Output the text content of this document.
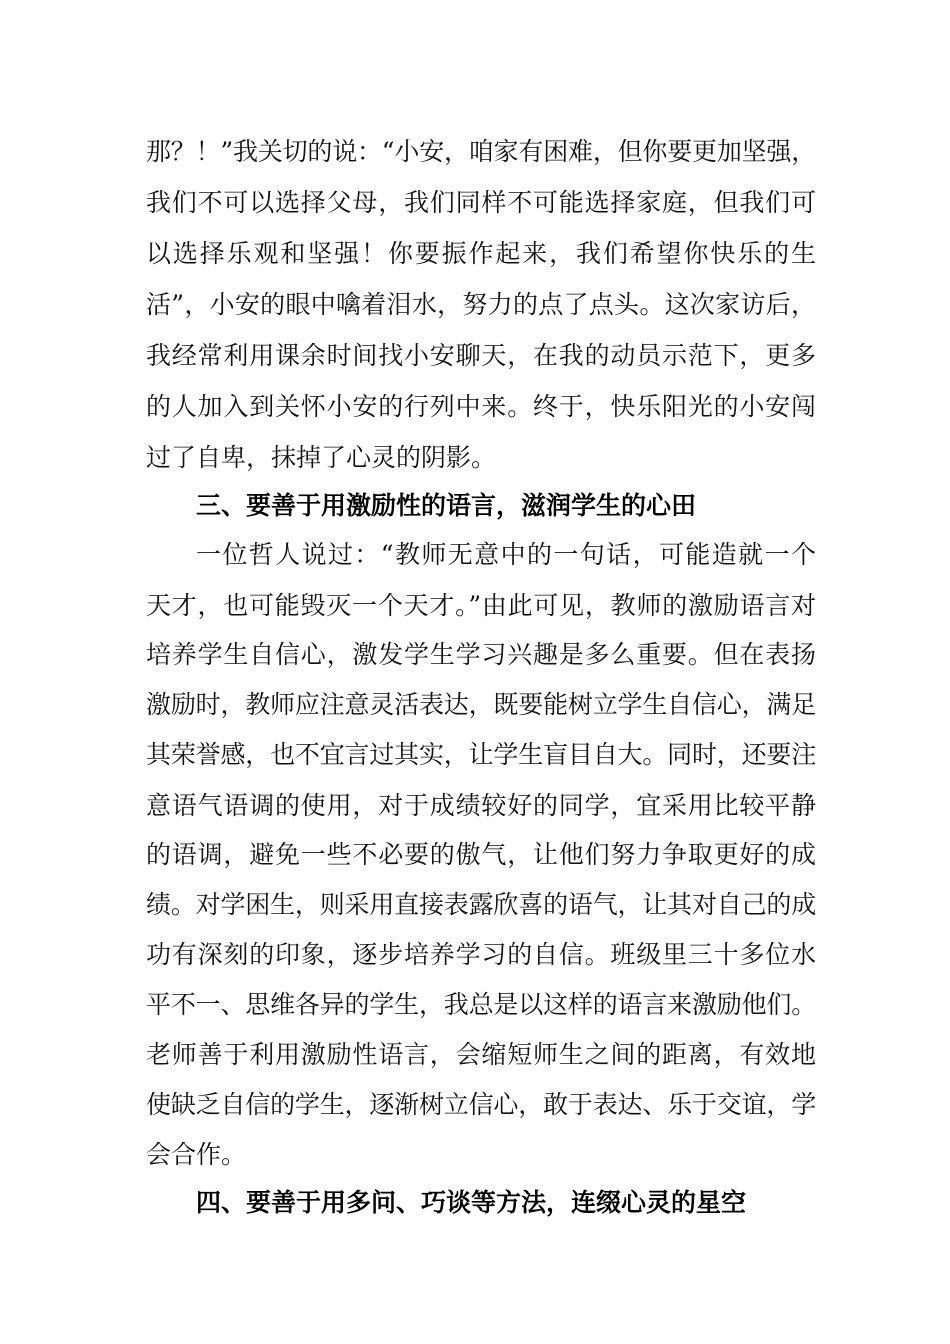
那？！”我关切的说：“小安，咱家有困难，但你要更加坚强，
我们不可以选择父母，我们同样不可能选择家庭，但我们可
以选择乐观和坚强！你要振作起来，我们希望你快乐的生
活”，小安的眼中噙着泪水，努力的点了点头。这次家访后，
我经常利用课余时间找小安聊天，在我的动员示范下，更多
的人加入到关怀小安的行列中来。终于，快乐阳光的小安闯
过了自卑，抹掉了心灵的阴影。
三、要善于用激励性的语言，滋润学生的心田
一位哲人说过：“教师无意中的一句话，可能造就一个
天才，也可能毁灭一个天才。”由此可见，教师的激励语言对
培养学生自信心，激发学生学习兴趣是多么重要。但在表扬
激励时，教师应注意灵活表达，既要能树立学生自信心，满足
其荣誉感，也不宜言过其实，让学生盲目自大。同时，还要注
意语气语调的使用，对于成绩较好的同学，宜采用比较平静
的语调，避免一些不必要的傲气，让他们努力争取更好的成
绩。对学困生，则采用直接表露欣喜的语气，让其对自己的成
功有深刻的印象，逐步培养学习的自信。班级里三十多位水
平不一、思维各异的学生，我总是以这样的语言来激励他们。
老师善于利用激励性语言，会缩短师生之间的距离，有效地
使缺乏自信的学生，逐渐树立信心，敢于表达、乐于交谊，学
会合作。
四、要善于用多问、巧谈等方法，连缀心灵的星空
